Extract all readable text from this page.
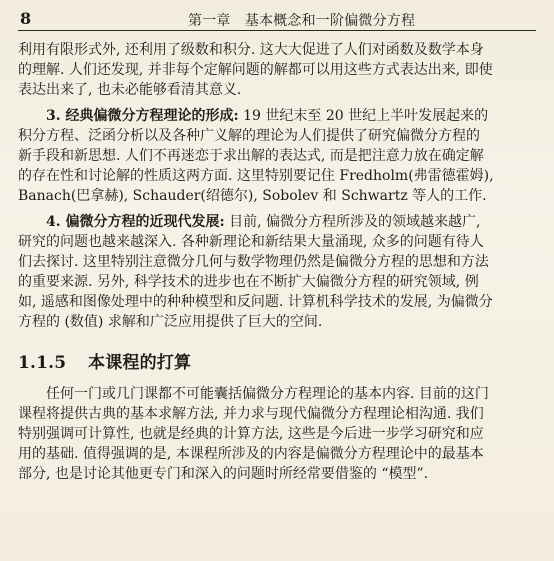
8	第一章　基本概念和一阶偏微分方程
利用有限形式外, 还利用了级数和积分. 这大大促进了人们对函数及数学本身
的理解. 人们还发现, 并非每个定解问题的解都可以用这些方式表达出来, 即使
表达出来了, 也未必能够看清其意义.
3. 经典偏微分方程理论的形成: 19 世纪末至 20 世纪上半叶发展起来的
积分方程、泛函分析以及各种广义解的理论为人们提供了研究偏微分方程的
新手段和新思想. 人们不再迷恋于求出解的表达式, 而是把注意力放在确定解
的存在性和讨论解的性质这两方面. 这里特别要记住 Fredholm(弗雷德霍姆),
Banach(巴拿赫), Schauder(绍德尔), Sobolev 和 Schwartz 等人的工作.
4. 偏微分方程的近现代发展: 目前, 偏微分方程所涉及的领域越来越广,
研究的问题也越来越深入. 各种新理论和新结果大量涌现, 众多的问题有待人
们去探讨. 这里特别注意微分几何与数学物理仍然是偏微分方程的思想和方法
的重要来源. 另外, 科学技术的进步也在不断扩大偏微分方程的研究领域, 例
如, 遥感和图像处理中的种种模型和反问题. 计算机科学技术的发展, 为偏微分
方程的 (数值) 求解和广泛应用提供了巨大的空间.
1.1.5 本课程的打算
任何一门或几门课都不可能囊括偏微分方程理论的基本内容. 目前的这门
课程将提供古典的基本求解方法, 并力求与现代偏微分方程理论相沟通. 我们
特别强调可计算性, 也就是经典的计算方法, 这些是今后进一步学习研究和应
用的基础. 值得强调的是, 本课程所涉及的内容是偏微分方程理论中的最基本
部分, 也是讨论其他更专门和深入的问题时所经常要借鉴的 “模型”.
